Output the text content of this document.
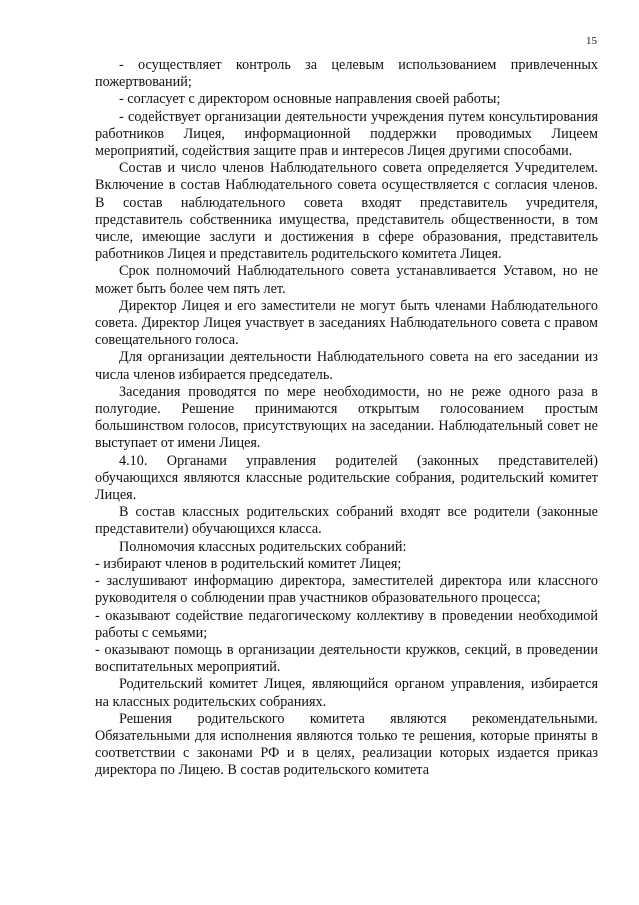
15

- осуществляет контроль за целевым использованием привлеченных пожертвований;

- согласует с директором основные направления своей работы;

- содействует организации деятельности учреждения путем консультирования работников Лицея, информационной поддержки проводимых Лицеем мероприятий, содействия защите прав и интересов Лицея другими способами.

Состав и число членов Наблюдательного совета определяется Учредителем. Включение в состав Наблюдательного совета осуществляется с согласия членов. В состав наблюдательного совета входят представитель учредителя, представитель собственника имущества, представитель общественности, в том числе, имеющие заслуги и достижения в сфере образования, представитель работников Лицея и представитель родительского комитета Лицея.

Срок полномочий Наблюдательного совета устанавливается Уставом, но не может быть более чем пять лет.

Директор Лицея и его заместители не могут быть членами Наблюдательного совета. Директор Лицея участвует в заседаниях Наблюдательного совета с правом совещательного голоса.

Для организации деятельности Наблюдательного совета на его заседании из числа членов избирается председатель.

Заседания проводятся по мере необходимости, но не реже одного раза в полугодие. Решение принимаются открытым голосованием простым большинством голосов, присутствующих на заседании. Наблюдательный совет не выступает от имени Лицея.

4.10. Органами управления родителей (законных представителей) обучающихся являются классные родительские собрания, родительский комитет Лицея.

В состав классных родительских собраний входят все родители (законные представители) обучающихся класса.

Полномочия классных родительских собраний:

- избирают членов в родительский комитет Лицея;

- заслушивают информацию директора, заместителей директора или классного руководителя о соблюдении прав участников образовательного процесса;

- оказывают содействие педагогическому коллективу в проведении необходимой работы с семьями;

- оказывают помощь в организации деятельности кружков, секций, в проведении воспитательных мероприятий.

Родительский комитет Лицея, являющийся органом управления, избирается на классных родительских собраниях.

Решения родительского комитета являются рекомендательными. Обязательными для исполнения являются только те решения, которые приняты в соответствии с законами РФ и в целях, реализации которых издается приказ директора по Лицею. В состав родительского комитета
